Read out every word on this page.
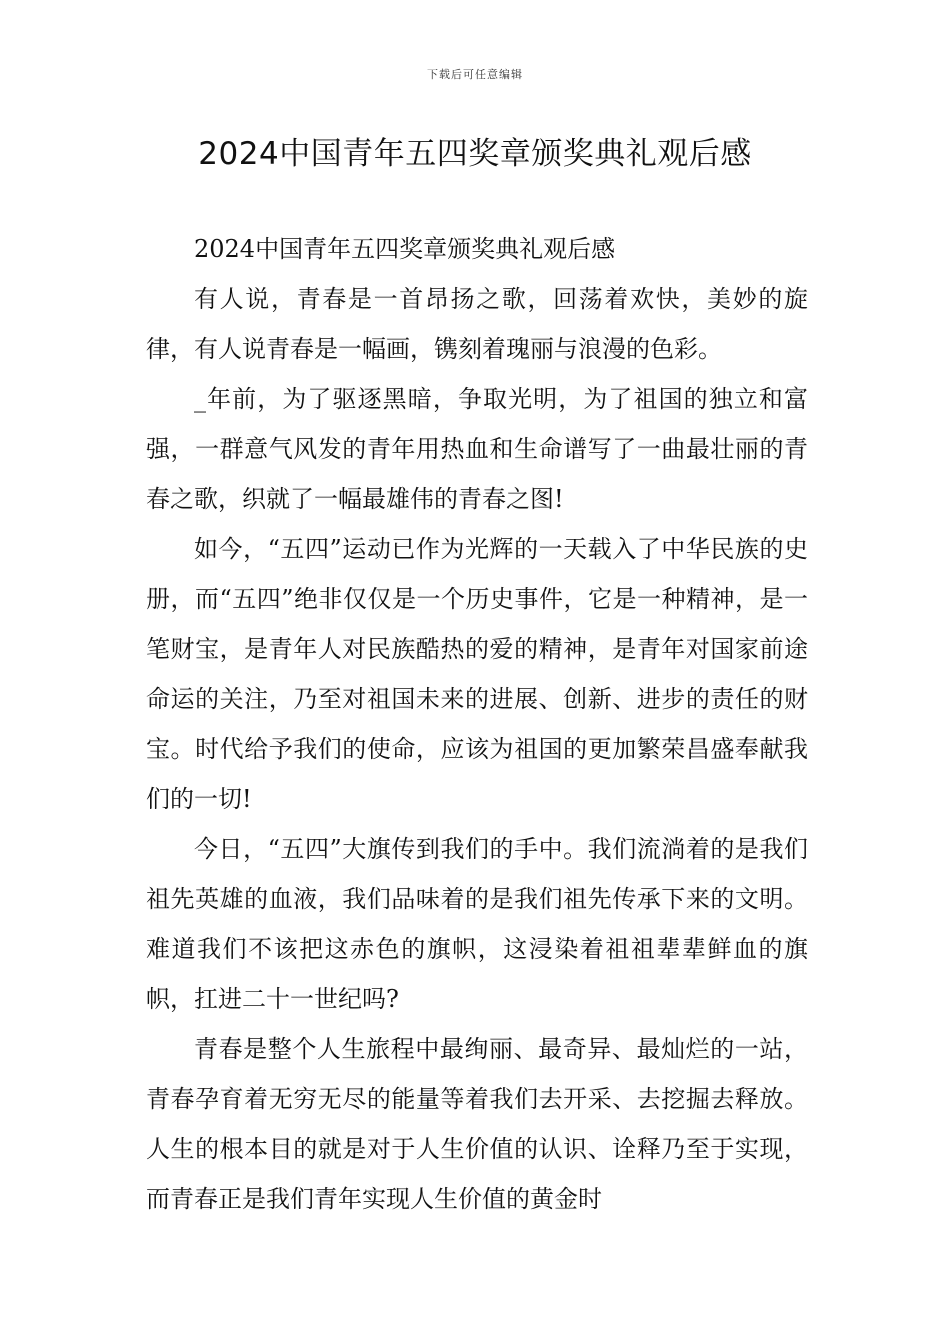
下载后可任意编辑
2024中国青年五四奖章颁奖典礼观后感

2024中国青年五四奖章颁奖典礼观后感

有人说，青春是一首昂扬之歌，回荡着欢快，美妙的旋律，有人说青春是一幅画，镌刻着瑰丽与浪漫的色彩。

_年前，为了驱逐黑暗，争取光明，为了祖国的独立和富强，一群意气风发的青年用热血和生命谱写了一曲最壮丽的青春之歌，织就了一幅最雄伟的青春之图!

如今，“五四”运动已作为光辉的一天载入了中华民族的史册，而“五四”绝非仅仅是一个历史事件，它是一种精神，是一笔财宝，是青年人对民族酷热的爱的精神，是青年对国家前途命运的关注，乃至对祖国未来的进展、创新、进步的责任的财宝。时代给予我们的使命，应该为祖国的更加繁荣昌盛奉献我们的一切!

今日，“五四”大旗传到我们的手中。我们流淌着的是我们祖先英雄的血液，我们品味着的是我们祖先传承下来的文明。难道我们不该把这赤色的旗帜，这浸染着祖祖辈辈鲜血的旗帜，扛进二十一世纪吗?

青春是整个人生旅程中最绚丽、最奇异、最灿烂的一站，青春孕育着无穷无尽的能量等着我们去开采、去挖掘去释放。人生的根本目的就是对于人生价值的认识、诠释乃至于实现，而青春正是我们青年实现人生价值的黄金时
